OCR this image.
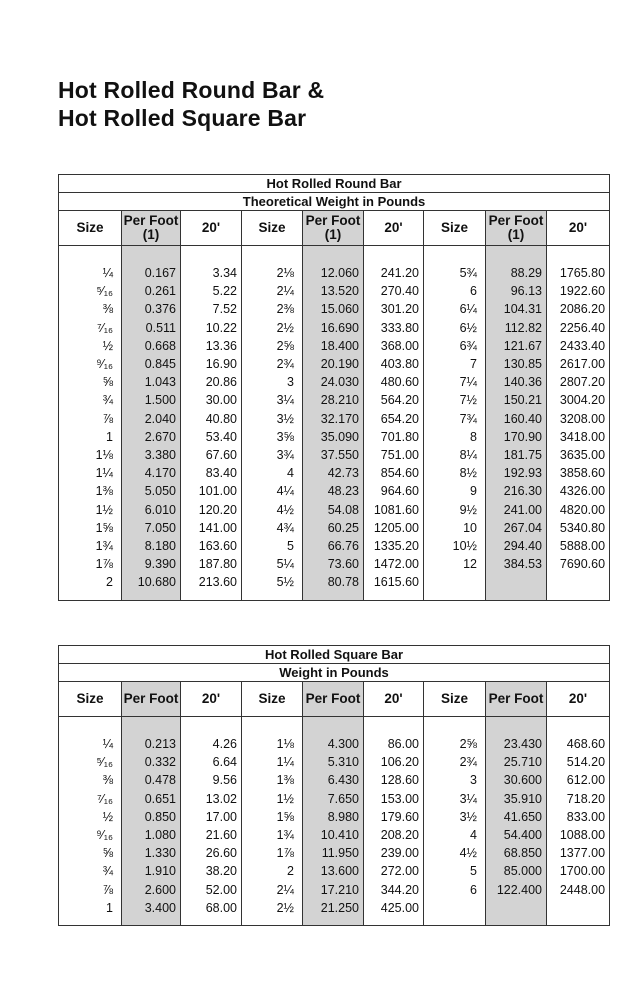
Hot Rolled Round Bar &
Hot Rolled Square Bar
Hot Rolled Round Bar								
Theoretical Weight in Pounds								
Size	Per Foot (1)	20'	Size	Per Foot (1)	20'	Size	Per Foot (1)	20'

¼	0.167	3.34	2⅛	12.060	241.20	5¾	88.29	1765.80
⁵⁄₁₆	0.261	5.22	2¼	13.520	270.40	6	96.13	1922.60
⅜	0.376	7.52	2⅜	15.060	301.20	6¼	104.31	2086.20
⁷⁄₁₆	0.511	10.22	2½	16.690	333.80	6½	112.82	2256.40
½	0.668	13.36	2⅝	18.400	368.00	6¾	121.67	2433.40
⁹⁄₁₆	0.845	16.90	2¾	20.190	403.80	7	130.85	2617.00
⅝	1.043	20.86	3	24.030	480.60	7¼	140.36	2807.20
¾	1.500	30.00	3¼	28.210	564.20	7½	150.21	3004.20
⅞	2.040	40.80	3½	32.170	654.20	7¾	160.40	3208.00
1	2.670	53.40	3⅝	35.090	701.80	8	170.90	3418.00
1⅛	3.380	67.60	3¾	37.550	751.00	8¼	181.75	3635.00
1¼	4.170	83.40	4	42.73	854.60	8½	192.93	3858.60
1⅜	5.050	101.00	4¼	48.23	964.60	9	216.30	4326.00
1½	6.010	120.20	4½	54.08	1081.60	9½	241.00	4820.00
1⅝	7.050	141.00	4¾	60.25	1205.00	10	267.04	5340.80
1¾	8.180	163.60	5	66.76	1335.20	10½	294.40	5888.00
1⅞	9.390	187.80	5¼	73.60	1472.00	12	384.53	7690.60
2	10.680	213.60	5½	80.78	1615.60			

Hot Rolled Square Bar								
Weight in Pounds								
Size	Per Foot	20'	Size	Per Foot	20'	Size	Per Foot	20'

¼	0.213	4.26	1⅛	4.300	86.00	2⅝	23.430	468.60
⁵⁄₁₆	0.332	6.64	1¼	5.310	106.20	2¾	25.710	514.20
⅜	0.478	9.56	1⅜	6.430	128.60	3	30.600	612.00
⁷⁄₁₆	0.651	13.02	1½	7.650	153.00	3¼	35.910	718.20
½	0.850	17.00	1⅝	8.980	179.60	3½	41.650	833.00
⁹⁄₁₆	1.080	21.60	1¾	10.410	208.20	4	54.400	1088.00
⅝	1.330	26.60	1⅞	11.950	239.00	4½	68.850	1377.00
¾	1.910	38.20	2	13.600	272.00	5	85.000	1700.00
⅞	2.600	52.00	2¼	17.210	344.20	6	122.400	2448.00
1	3.400	68.00	2½	21.250	425.00			
